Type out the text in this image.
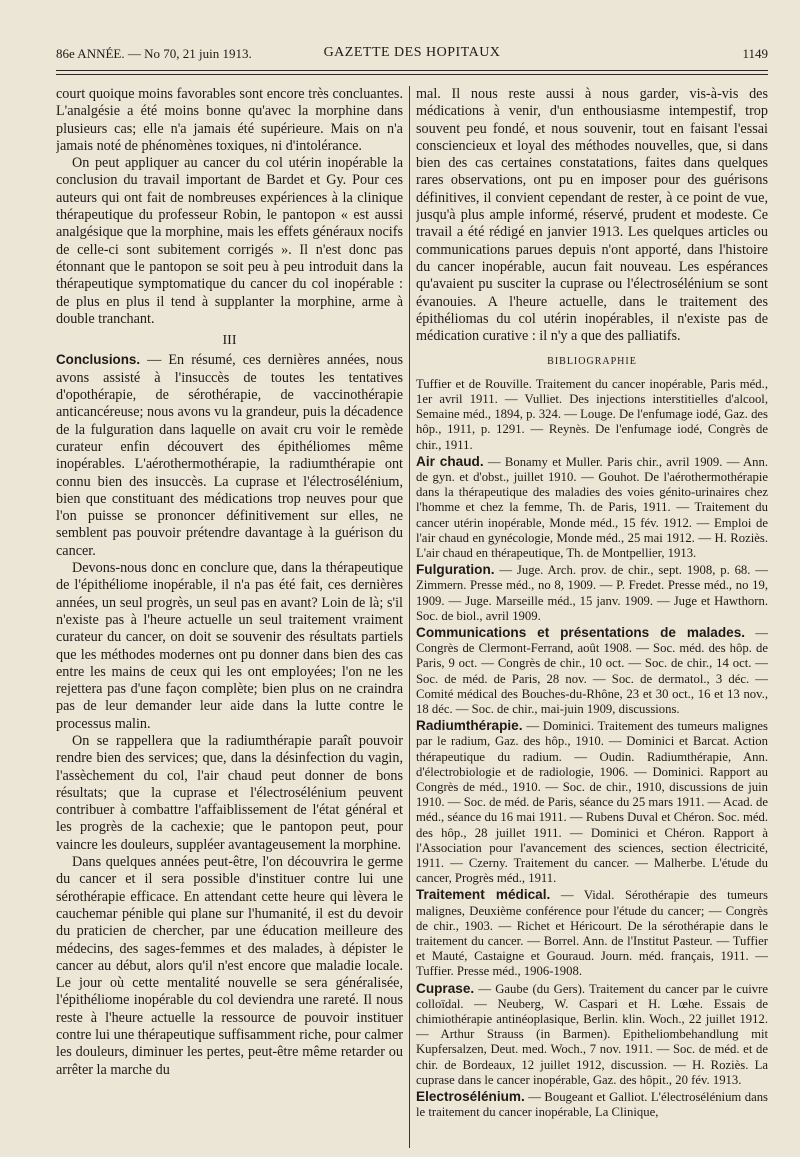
86e ANNÉE. — No 70, 21 juin 1913.	GAZETTE DES HOPITAUX	1149

court quoique moins favorables sont encore très concluantes. L'analgésie a été moins bonne qu'avec la morphine dans plusieurs cas; elle n'a jamais été supérieure. Mais on n'a jamais noté de phénomènes toxiques, ni d'intolérance.

On peut appliquer au cancer du col utérin inopérable la conclusion du travail important de Bardet et Gy. Pour ces auteurs qui ont fait de nombreuses expériences à la clinique thérapeutique du professeur Robin, le pantopon « est aussi analgésique que la morphine, mais les effets généraux nocifs de celle-ci sont subitement corrigés ». Il n'est donc pas étonnant que le pantopon se soit peu à peu introduit dans la thérapeutique symptomatique du cancer du col inopérable : de plus en plus il tend à supplanter la morphine, arme à double tranchant.

III

Conclusions. — En résumé, ces dernières années, nous avons assisté à l'insuccès de toutes les tentatives d'opothérapie, de sérothérapie, de vaccinothérapie anticancéreuse; nous avons vu la grandeur, puis la décadence de la fulguration dans laquelle on avait cru voir le remède curateur enfin découvert des épithéliomes même inopérables. L'aérothermothérapie, la radiumthérapie ont connu bien des insuccès. La cuprase et l'électrosélénium, bien que constituant des médications trop neuves pour que l'on puisse se prononcer définitivement sur elles, ne semblent pas pouvoir prétendre davantage à la guérison du cancer.

Devons-nous donc en conclure que, dans la thérapeutique de l'épithéliome inopérable, il n'a pas été fait, ces dernières années, un seul progrès, un seul pas en avant? Loin de là; s'il n'existe pas à l'heure actuelle un seul traitement vraiment curateur du cancer, on doit se souvenir des résultats partiels que les méthodes modernes ont pu donner dans bien des cas entre les mains de ceux qui les ont employées; l'on ne les rejettera pas d'une façon complète; bien plus on ne craindra pas de leur demander leur aide dans la lutte contre le processus malin.

On se rappellera que la radiumthérapie paraît pouvoir rendre bien des services; que, dans la désinfection du vagin, l'assèchement du col, l'air chaud peut donner de bons résultats; que la cuprase et l'électrosélénium peuvent contribuer à combattre l'affaiblissement de l'état général et les progrès de la cachexie; que le pantopon peut, pour vaincre les douleurs, suppléer avantageusement la morphine.

Dans quelques années peut-être, l'on découvrira le germe du cancer et il sera possible d'instituer contre lui une sérothérapie efficace. En attendant cette heure qui lèvera le cauchemar pénible qui plane sur l'humanité, il est du devoir du praticien de chercher, par une éducation meilleure des médecins, des sages-femmes et des malades, à dépister le cancer au début, alors qu'il n'est encore que maladie locale. Le jour où cette mentalité nouvelle se sera généralisée, l'épithéliome inopérable du col deviendra une rareté. Il nous reste à l'heure actuelle la ressource de pouvoir instituer contre lui une thérapeutique suffisamment riche, pour calmer les douleurs, diminuer les pertes, peut-être même retarder ou arrêter la marche du

mal. Il nous reste aussi à nous garder, vis-à-vis des médications à venir, d'un enthousiasme intempestif, trop souvent peu fondé, et nous souvenir, tout en faisant l'essai consciencieux et loyal des méthodes nouvelles, que, si dans bien des cas certaines constatations, faites dans quelques rares observations, ont pu en imposer pour des guérisons définitives, il convient cependant de rester, à ce point de vue, jusqu'à plus ample informé, réservé, prudent et modeste. Ce travail a été rédigé en janvier 1913. Les quelques articles ou communications parues depuis n'ont apporté, dans l'histoire du cancer inopérable, aucun fait nouveau. Les espérances qu'avaient pu susciter la cuprase ou l'électrosélénium se sont évanouies. A l'heure actuelle, dans le traitement des épithéliomas du col utérin inopérables, il n'existe pas de médication curative : il n'y a que des palliatifs.

BIBLIOGRAPHIE

Tuffier et de Rouville. Traitement du cancer inopérable, Paris méd., 1er avril 1911. — Vulliet. Des injections interstitielles d'alcool, Semaine méd., 1894, p. 324. — Louge. De l'enfumage iodé, Gaz. des hôp., 1911, p. 1291. — Reynès. De l'enfumage iodé, Congrès de chir., 1911.

Air chaud. — Bonamy et Muller. Paris chir., avril 1909. — Ann. de gyn. et d'obst., juillet 1910. — Gouhot. De l'aérothermothérapie dans la thérapeutique des maladies des voies génito-urinaires chez l'homme et chez la femme, Th. de Paris, 1911. — Traitement du cancer utérin inopérable, Monde méd., 15 fév. 1912. — Emploi de l'air chaud en gynécologie, Monde méd., 25 mai 1912. — H. Roziès. L'air chaud en thérapeutique, Th. de Montpellier, 1913.

Fulguration. — Juge. Arch. prov. de chir., sept. 1908, p. 68. — Zimmern. Presse méd., no 8, 1909. — P. Fredet. Presse méd., no 19, 1909. — Juge. Marseille méd., 15 janv. 1909. — Juge et Hawthorn. Soc. de biol., avril 1909.

Communications et présentations de malades. — Congrès de Clermont-Ferrand, août 1908. — Soc. méd. des hôp. de Paris, 9 oct. — Congrès de chir., 10 oct. — Soc. de chir., 14 oct. — Soc. de méd. de Paris, 28 nov. — Soc. de dermatol., 3 déc. — Comité médical des Bouches-du-Rhône, 23 et 30 oct., 16 et 13 nov., 18 déc. — Soc. de chir., mai-juin 1909, discussions.

Radiumthérapie. — Dominici. Traitement des tumeurs malignes par le radium, Gaz. des hôp., 1910. — Dominici et Barcat. Action thérapeutique du radium. — Oudin. Radiumthérapie, Ann. d'électrobiologie et de radiologie, 1906. — Dominici. Rapport au Congrès de méd., 1910. — Soc. de chir., 1910, discussions de juin 1910. — Soc. de méd. de Paris, séance du 25 mars 1911. — Acad. de méd., séance du 16 mai 1911. — Rubens Duval et Chéron. Soc. méd. des hôp., 28 juillet 1911. — Dominici et Chéron. Rapport à l'Association pour l'avancement des sciences, section électricité, 1911. — Czerny. Traitement du cancer. — Malherbe. L'étude du cancer, Progrès méd., 1911.

Traitement médical. — Vidal. Sérothérapie des tumeurs malignes, Deuxième conférence pour l'étude du cancer; — Congrès de chir., 1903. — Richet et Héricourt. De la sérothérapie dans le traitement du cancer. — Borrel. Ann. de l'Institut Pasteur. — Tuffier et Mauté, Castaigne et Gouraud. Journ. méd. français, 1911. — Tuffier. Presse méd., 1906-1908.

Cuprase. — Gaube (du Gers). Traitement du cancer par le cuivre colloïdal. — Neuberg, W. Caspari et H. Lœhe. Essais de chimiothérapie antinéoplasique, Berlin. klin. Woch., 22 juillet 1912. — Arthur Strauss (in Barmen). Epitheliombehandlung mit Kupfersalzen, Deut. med. Woch., 7 nov. 1911. — Soc. de méd. et de chir. de Bordeaux, 12 juillet 1912, discussion. — H. Roziès. La cuprase dans le cancer inopérable, Gaz. des hôpit., 20 fév. 1913.

Electrosélénium. — Bougeant et Galliot. L'électrosélénium dans le traitement du cancer inopérable, La Clinique,
